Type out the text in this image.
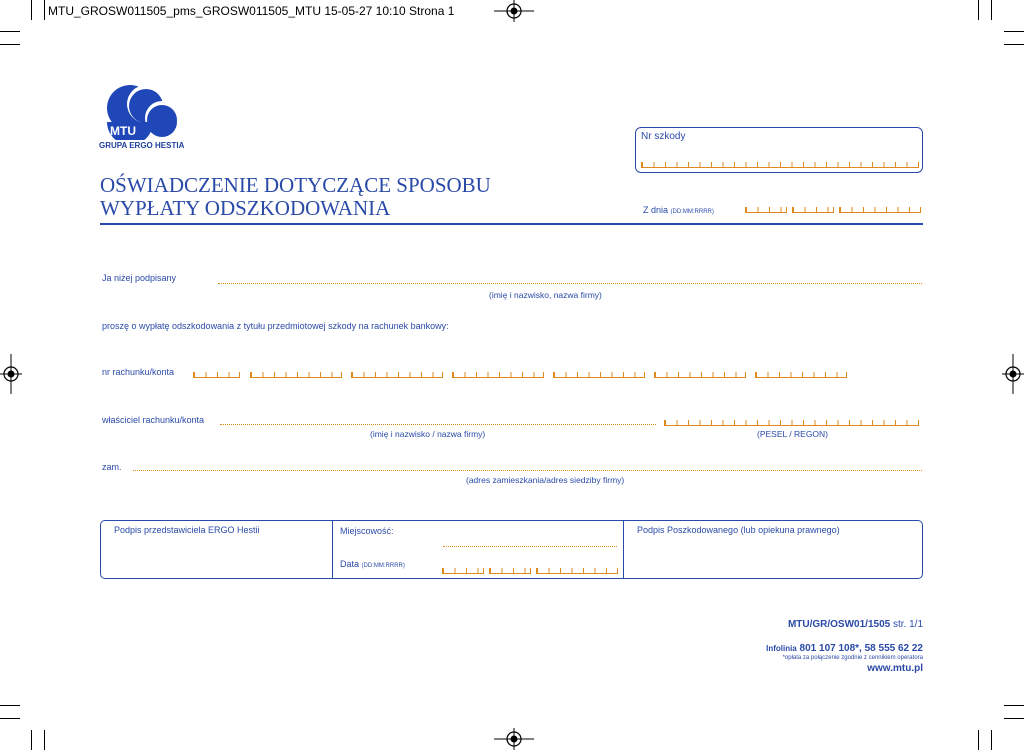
MTU_GROSW011505_pms_GROSW011505_MTU 15-05-27 10:10 Strona 1
MTU
GRUPA ERGO HESTIA
Nr szkody
OŚWIADCZENIE DOTYCZĄCE SPOSOBU
WYPŁATY ODSZKODOWANIA	Z dnia (DD:MM:RRRR)
Ja niżej podpisany
(imię i nazwisko, nazwa firmy)
proszę o wypłatę odszkodowania z tytułu przedmiotowej szkody na rachunek bankowy:
nr rachunku/konta
właściciel rachunku/konta
(imię i nazwisko / nazwa firmy)	(PESEL / REGON)
zam.
(adres zamieszkania/adres siedziby firmy)
Podpis przedstawiciela ERGO Hestii	Miejscowość:
Data (DD:MM:RRRR)
Podpis Poszkodowanego (lub opiekuna prawnego)
MTU/GR/OSW01/1505 str. 1/1
Infolinia 801 107 108*, 58 555 62 22
*opłata za połączenie zgodnie z cennikiem operatora
www.mtu.pl
